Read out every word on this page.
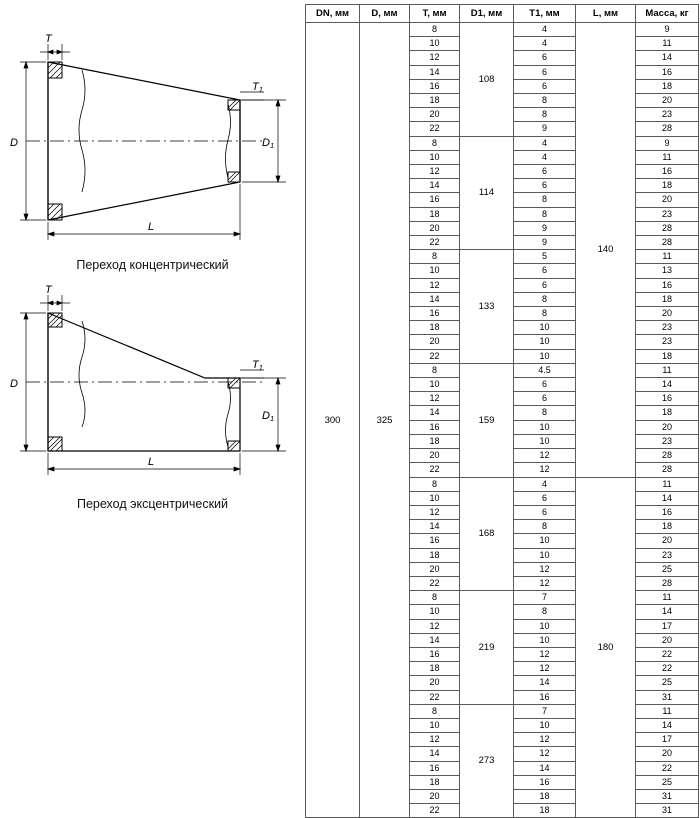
T
T1
D	D1
L
Переход концентрический
T
T1
D
D1
L
Переход эксцентрический
DN, мм	D, мм	T, мм	D1, мм	T1, мм	L, мм	Масса, кг
300	325	8	108	4	140	9
		10		4		11
		12		6		14
		14		6		16
		16		6		18
		18		8		20
		20		8		23
		22		9		28
		8	114	4		9
		10		4		11
		12		6		16
		14		6		18
		16		8		20
		18		8		23
		20		9		28
		22		9		28
		8	133	5		11
		10		6		13
		12		6		16
		14		8		18
		16		8		20
		18		10		23
		20		10		23
		22		10		18
		8	159	4.5		11
		10		6		14
		12		6		16
		14		8		18
		16		10		20
		18		10		23
		20		12		28
		22		12		28
		8	168	4	180	11
		10		6		14
		12		6		16
		14		8		18
		16		10		20
		18		10		23
		20		12		25
		22		12		28
		8	219	7		11
		10		8		14
		12		10		17
		14		10		20
		16		12		22
		18		12		22
		20		14		25
		22		16		31
		8	273	7		11
		10		10		14
		12		12		17
		14		12		20
		16		14		22
		18		16		25
		20		18		31
		22		18		31
